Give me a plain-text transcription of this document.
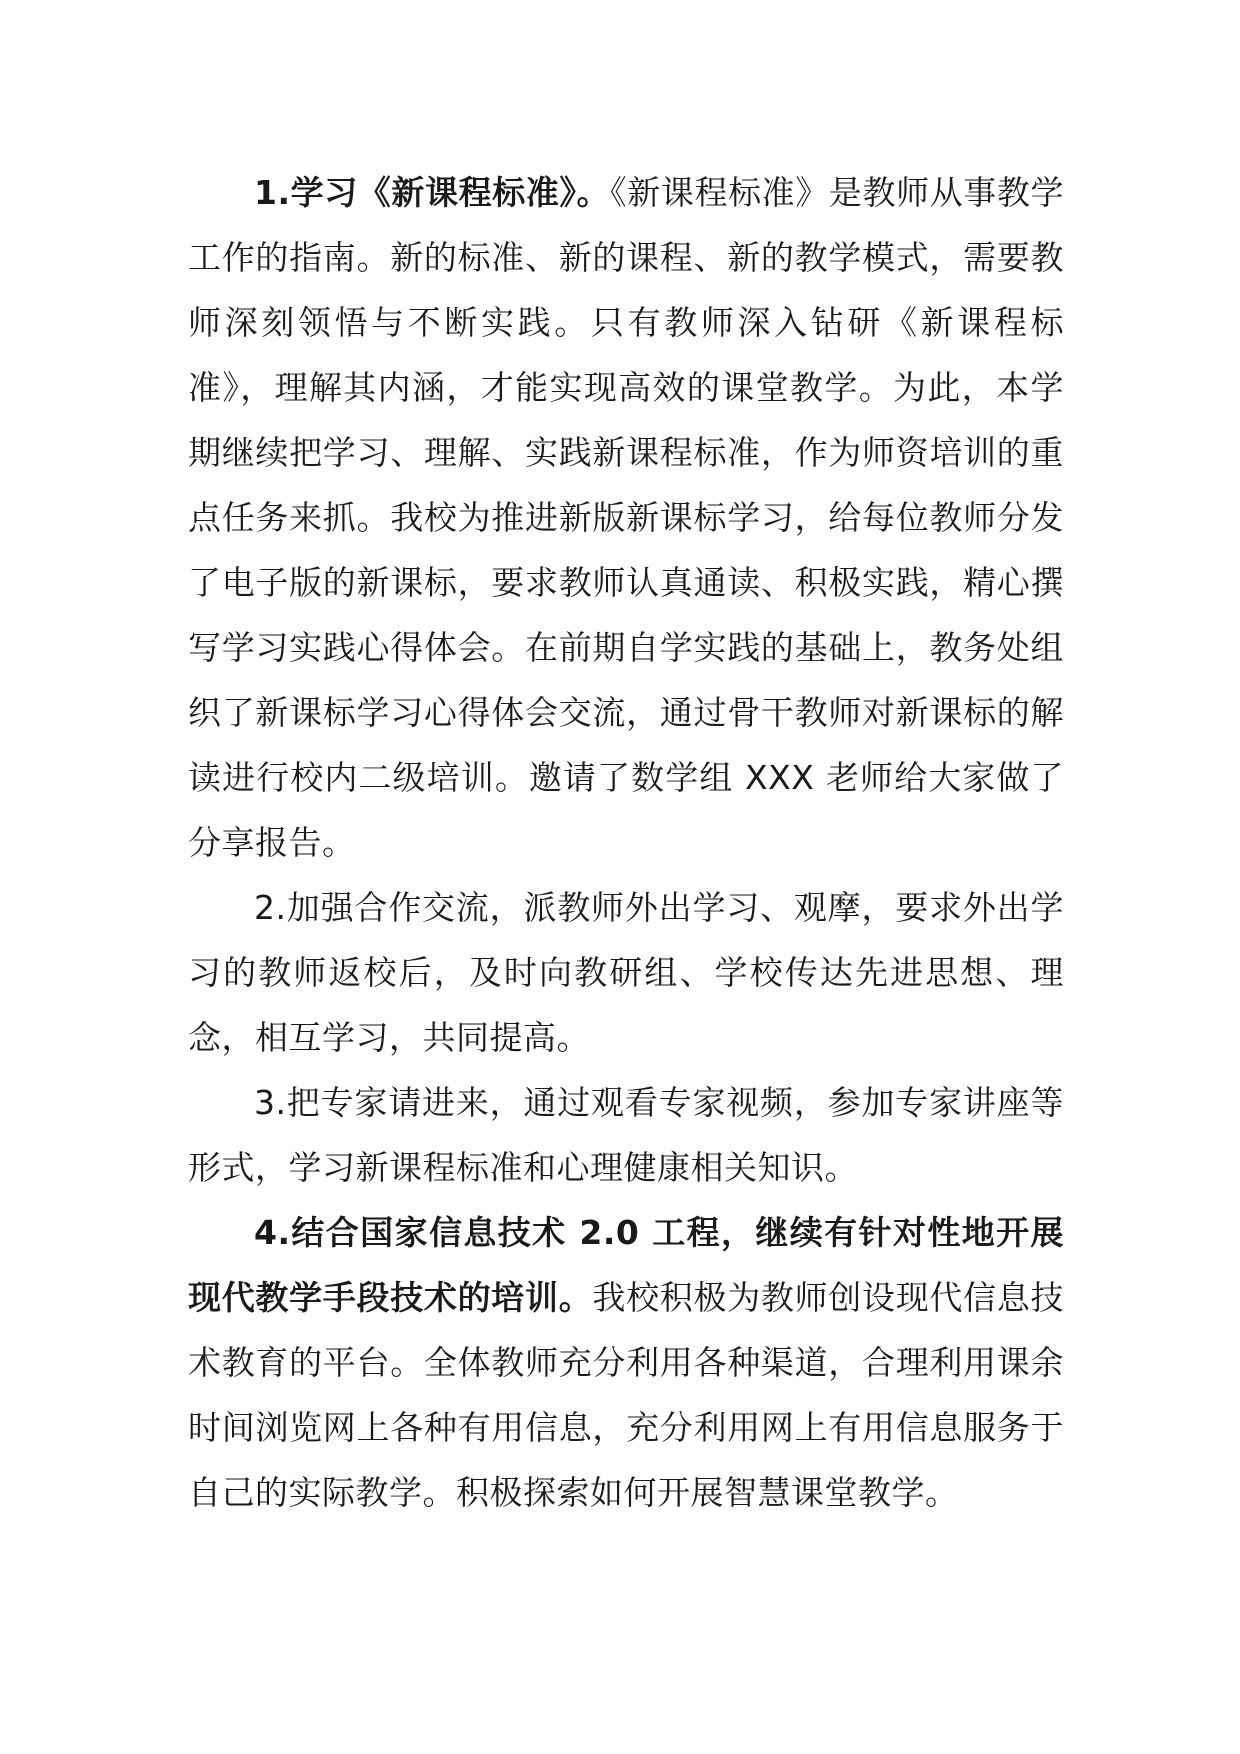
1.学习《新课程标准》。《新课程标准》是教师从事教学工作的指南。新的标准、新的课程、新的教学模式，需要教师深刻领悟与不断实践。只有教师深入钻研《新课程标准》，理解其内涵，才能实现高效的课堂教学。为此，本学期继续把学习、理解、实践新课程标准，作为师资培训的重点任务来抓。我校为推进新版新课标学习，给每位教师分发了电子版的新课标，要求教师认真通读、积极实践，精心撰写学习实践心得体会。在前期自学实践的基础上，教务处组织了新课标学习心得体会交流，通过骨干教师对新课标的解读进行校内二级培训。邀请了数学组 XXX 老师给大家做了分享报告。

2.加强合作交流，派教师外出学习、观摩，要求外出学习的教师返校后，及时向教研组、学校传达先进思想、理念，相互学习，共同提高。

3.把专家请进来，通过观看专家视频，参加专家讲座等形式，学习新课程标准和心理健康相关知识。

4.结合国家信息技术 2.0 工程，继续有针对性地开展现代教学手段技术的培训。我校积极为教师创设现代信息技术教育的平台。全体教师充分利用各种渠道，合理利用课余时间浏览网上各种有用信息，充分利用网上有用信息服务于自己的实际教学。积极探索如何开展智慧课堂教学。
